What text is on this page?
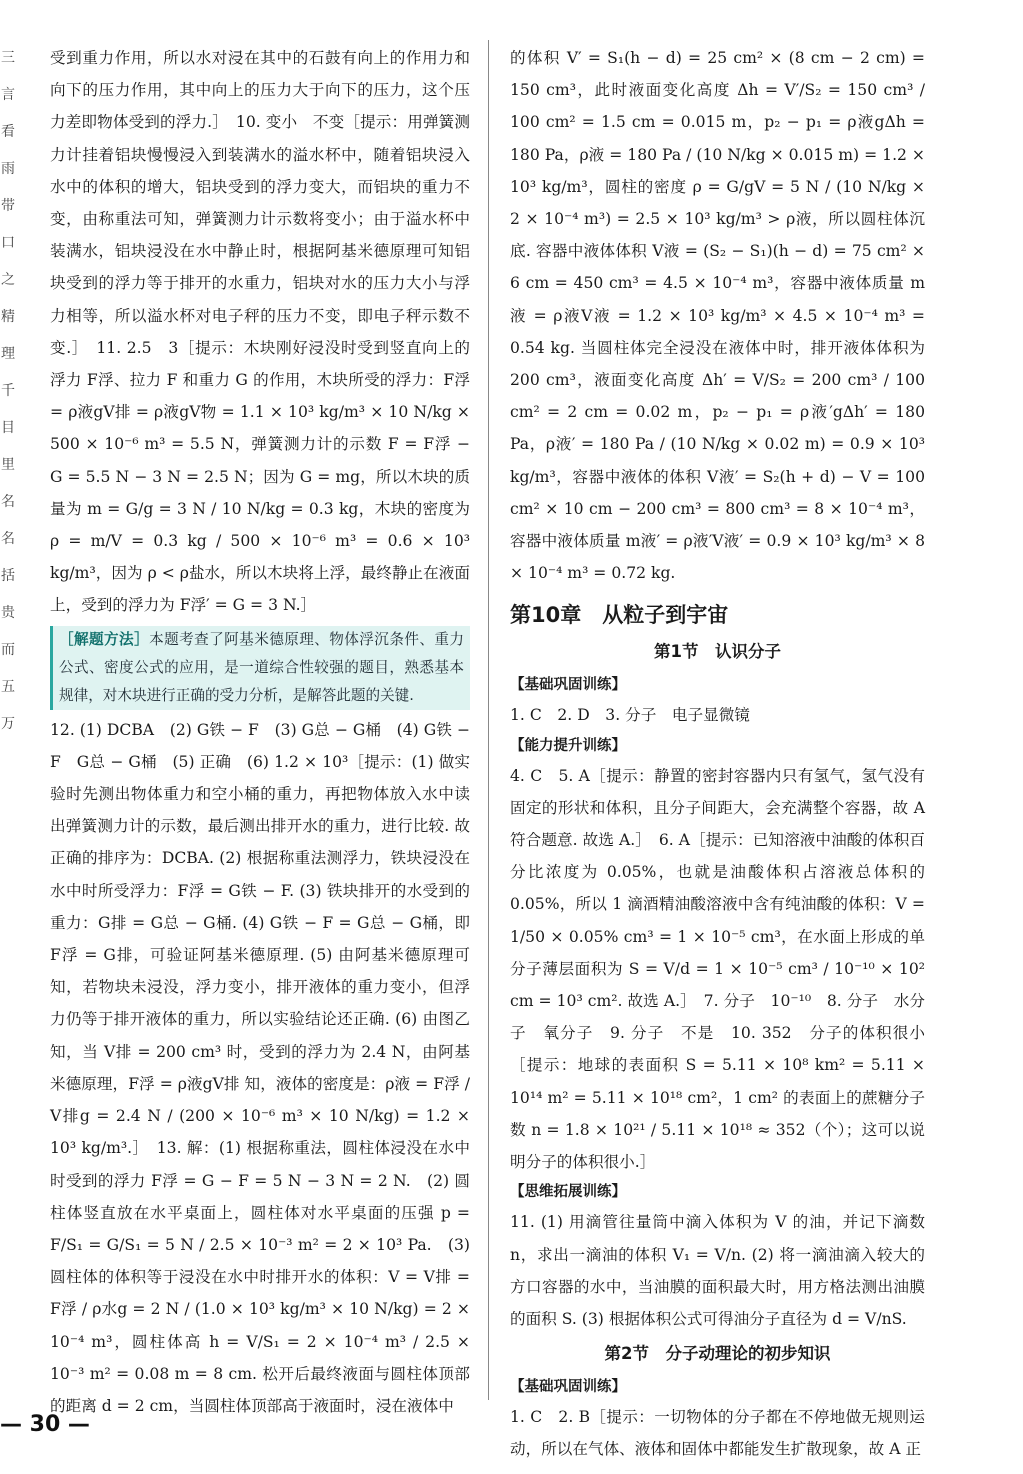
三
言
看
雨
带
口
之
精
理
千
目
里
名
名
括
贵
而
五
万

受到重力作用，所以水对浸在其中的石鼓有向上的作用力和向下的压力作用，其中向上的压力大于向下的压力，这个压力差即物体受到的浮力.］　10. 变小　不变［提示：用弹簧测力计挂着铝块慢慢浸入到装满水的溢水杯中，随着铝块浸入水中的体积的增大，铝块受到的浮力变大，而铝块的重力不变，由称重法可知，弹簧测力计示数将变小；由于溢水杯中装满水，铝块浸没在水中静止时，根据阿基米德原理可知铝块受到的浮力等于排开的水重力，铝块对水的压力大小与浮力相等，所以溢水杯对电子秤的压力不变，即电子秤示数不变.］　11. 2.5　3［提示：木块刚好浸没时受到竖直向上的浮力 F浮、拉力 F 和重力 G 的作用，木块所受的浮力：F浮 = ρ液gV排 = ρ液gV物 = 1.1 × 10³ kg/m³ × 10 N/kg × 500 × 10⁻⁶ m³ = 5.5 N，弹簧测力计的示数 F = F浮 − G = 5.5 N − 3 N = 2.5 N；因为 G = mg，所以木块的质量为 m = G/g = 3 N / 10 N/kg = 0.3 kg，木块的密度为 ρ = m/V = 0.3 kg / 500 × 10⁻⁶ m³ = 0.6 × 10³ kg/m³，因为 ρ < ρ盐水，所以木块将上浮，最终静止在液面上，受到的浮力为 F浮′ = G = 3 N.］

［解题方法］本题考查了阿基米德原理、物体浮沉条件、重力公式、密度公式的应用，是一道综合性较强的题目，熟悉基本规律，对木块进行正确的受力分析，是解答此题的关键.

12. (1) DCBA　(2) G铁 − F　(3) G总 − G桶　(4) G铁 − F　G总 − G桶　(5) 正确　(6) 1.2 × 10³［提示：(1) 做实验时先测出物体重力和空小桶的重力，再把物体放入水中读出弹簧测力计的示数，最后测出排开水的重力，进行比较. 故正确的排序为：DCBA. (2) 根据称重法测浮力，铁块浸没在水中时所受浮力：F浮 = G铁 − F. (3) 铁块排开的水受到的重力：G排 = G总 − G桶. (4) G铁 − F = G总 − G桶，即 F浮 = G排，可验证阿基米德原理. (5) 由阿基米德原理可知，若物块未浸没，浮力变小，排开液体的重力变小，但浮力仍等于排开液体的重力，所以实验结论还正确. (6) 由图乙知，当 V排 = 200 cm³ 时，受到的浮力为 2.4 N，由阿基米德原理，F浮 = ρ液gV排 知，液体的密度是：ρ液 = F浮 / V排g = 2.4 N / (200 × 10⁻⁶ m³ × 10 N/kg) = 1.2 × 10³ kg/m³.］　13. 解：(1) 根据称重法，圆柱体浸没在水中时受到的浮力 F浮 = G − F = 5 N − 3 N = 2 N.　(2) 圆柱体竖直放在水平桌面上，圆柱体对水平桌面的压强 p = F/S₁ = G/S₁ = 5 N / 2.5 × 10⁻³ m² = 2 × 10³ Pa.　(3) 圆柱体的体积等于浸没在水中时排开水的体积：V = V排 = F浮 / ρ水g = 2 N / (1.0 × 10³ kg/m³ × 10 N/kg) = 2 × 10⁻⁴ m³，圆柱体高 h = V/S₁ = 2 × 10⁻⁴ m³ / 2.5 × 10⁻³ m² = 0.08 m = 8 cm. 松开后最终液面与圆柱体顶部的距离 d = 2 cm，当圆柱体顶部高于液面时，浸在液体中

的体积 V′ = S₁(h − d) = 25 cm² × (8 cm − 2 cm) = 150 cm³，此时液面变化高度 Δh = V′/S₂ = 150 cm³ / 100 cm² = 1.5 cm = 0.015 m，p₂ − p₁ = ρ液gΔh = 180 Pa，ρ液 = 180 Pa / (10 N/kg × 0.015 m) = 1.2 × 10³ kg/m³，圆柱的密度 ρ = G/gV = 5 N / (10 N/kg × 2 × 10⁻⁴ m³) = 2.5 × 10³ kg/m³ > ρ液，所以圆柱体沉底. 容器中液体体积 V液 = (S₂ − S₁)(h − d) = 75 cm² × 6 cm = 450 cm³ = 4.5 × 10⁻⁴ m³，容器中液体质量 m液 = ρ液V液 = 1.2 × 10³ kg/m³ × 4.5 × 10⁻⁴ m³ = 0.54 kg. 当圆柱体完全浸没在液体中时，排开液体体积为 200 cm³，液面变化高度 Δh′ = V/S₂ = 200 cm³ / 100 cm² = 2 cm = 0.02 m，p₂ − p₁ = ρ液′gΔh′ = 180 Pa，ρ液′ = 180 Pa / (10 N/kg × 0.02 m) = 0.9 × 10³ kg/m³，容器中液体的体积 V液′ = S₂(h + d) − V = 100 cm² × 10 cm − 200 cm³ = 800 cm³ = 8 × 10⁻⁴ m³，容器中液体质量 m液′ = ρ液′V液′ = 0.9 × 10³ kg/m³ × 8 × 10⁻⁴ m³ = 0.72 kg.

第10章　从粒子到宇宙
第1节　认识分子
【基础巩固训练】

1. C　2. D　3. 分子　电子显微镜

【能力提升训练】

4. C　5. A［提示：静置的密封容器内只有氢气，氢气没有固定的形状和体积，且分子间距大，会充满整个容器，故 A 符合题意. 故选 A.］　6. A［提示：已知溶液中油酸的体积百分比浓度为 0.05%，也就是油酸体积占溶液总体积的 0.05%，所以 1 滴酒精油酸溶液中含有纯油酸的体积：V = 1/50 × 0.05% cm³ = 1 × 10⁻⁵ cm³，在水面上形成的单分子薄层面积为 S = V/d = 1 × 10⁻⁵ cm³ / 10⁻¹⁰ × 10² cm = 10³ cm². 故选 A.］　7. 分子　10⁻¹⁰　8. 分子　水分子　氧分子　9. 分子　不是　10. 352　分子的体积很小［提示：地球的表面积 S = 5.11 × 10⁸ km² = 5.11 × 10¹⁴ m² = 5.11 × 10¹⁸ cm²，1 cm² 的表面上的蔗糖分子数 n = 1.8 × 10²¹ / 5.11 × 10¹⁸ ≈ 352（个）；这可以说明分子的体积很小.］

【思维拓展训练】

11. (1) 用滴管往量筒中滴入体积为 V 的油，并记下滴数 n，求出一滴油的体积 V₁ = V/n. (2) 将一滴油滴入较大的方口容器的水中，当油膜的面积最大时，用方格法测出油膜的面积 S. (3) 根据体积公式可得油分子直径为 d = V/nS.

第2节　分子动理论的初步知识
【基础巩固训练】

1. C　2. B［提示：一切物体的分子都在不停地做无规则运动，所以在气体、液体和固体中都能发生扩散现象，故 A 正

— 30 —
